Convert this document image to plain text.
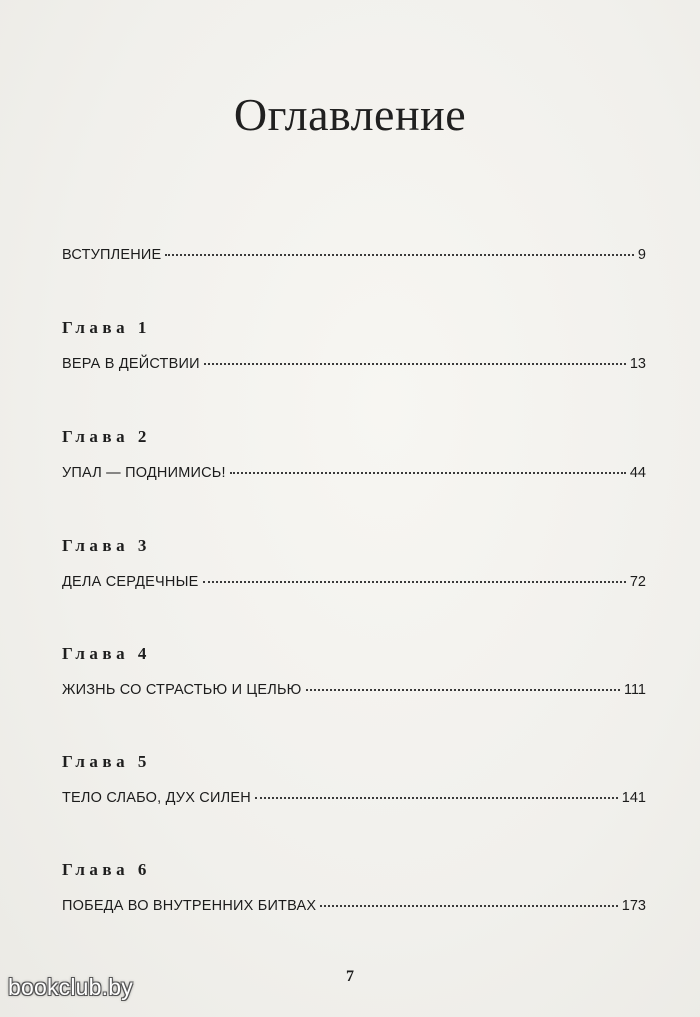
Оглавление
ВСТУПЛЕНИЕ	9
Глава 1
ВЕРА В ДЕЙСТВИИ	13
Глава 2
УПАЛ — ПОДНИМИСЬ!	44
Глава 3
ДЕЛА СЕРДЕЧНЫЕ	72
Глава 4
ЖИЗНЬ СО СТРАСТЬЮ И ЦЕЛЬЮ	111
Глава 5
ТЕЛО СЛАБО, ДУХ СИЛЕН	141
Глава 6
ПОБЕДА ВО ВНУТРЕННИХ БИТВАХ	173
7
bookclub.by
